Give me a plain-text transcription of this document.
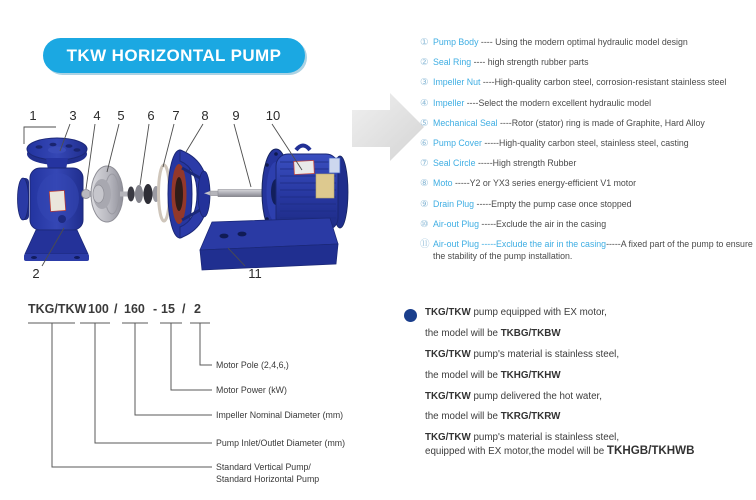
TKW HORIZONTAL PUMP
1	3 4 5 6 7 8 9 10
2	11
① Pump Body ---- Using the modern optimal hydraulic model design
② Seal Ring ---- high strength rubber parts
③ Impeller Nut ----High-quality carbon steel, corrosion-resistant stainless steel
④ Impeller ----Select the modern excellent hydraulic model
⑤ Mechanical Seal ----Rotor (stator) ring is made of Graphite, Hard Alloy
⑥ Pump Cover -----High-quality carbon steel, stainless steel, casting
⑦ Seal Circle -----High strength Rubber
⑧ Moto -----Y2 or YX3 series energy-efficient V1 motor
⑨ Drain Plug -----Empty the pump case once stopped
⑩ Air-out Plug -----Exclude the air in the casing
⑪ Air-out Plug -----Exclude the air in the casing-----A fixed part of the pump to ensure the stability of the pump installation.
TKG/TKW 100 / 160 - 15 / 2
Motor Pole (2,4,6,)
Motor Power (kW)
Impeller Nominal Diameter (mm)
Pump Inlet/Outlet Diameter (mm)
Standard Vertical Pump/
Standard Horizontal Pump
TKG/TKW pump equipped with EX motor,
the model will be TKBG/TKBW
TKG/TKW pump's material is stainless steel,
the model will be TKHG/TKHW
TKG/TKW pump delivered the hot water,
the model will be TKRG/TKRW
TKG/TKW pump's material is stainless steel,
equipped with EX motor,the model will be TKHGB/TKHWB
